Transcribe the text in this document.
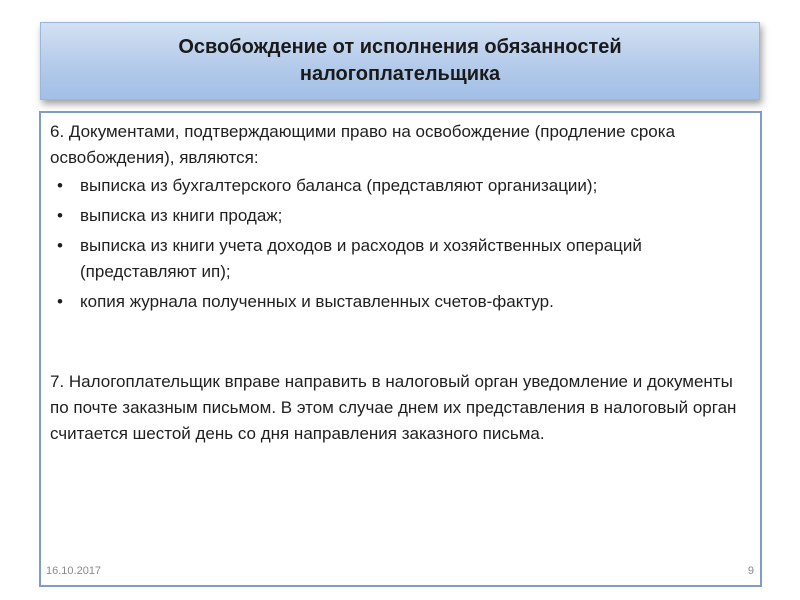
Освобождение от исполнения обязанностей
налогоплательщика

6. Документами, подтверждающими право на освобождение (продление срока освобождения), являются:

•	выписка из бухгалтерского баланса (представляют организации);
•	выписка из книги продаж;
•	выписка из книги учета доходов и расходов и хозяйственных операций (представляют ип);
•	копия журнала полученных и выставленных счетов-фактур.

7. Налогоплательщик вправе направить в налоговый орган уведомление и документы по почте заказным письмом. В этом случае днем их представления в налоговый орган считается шестой день со дня направления заказного письма.

16.10.2017	9
